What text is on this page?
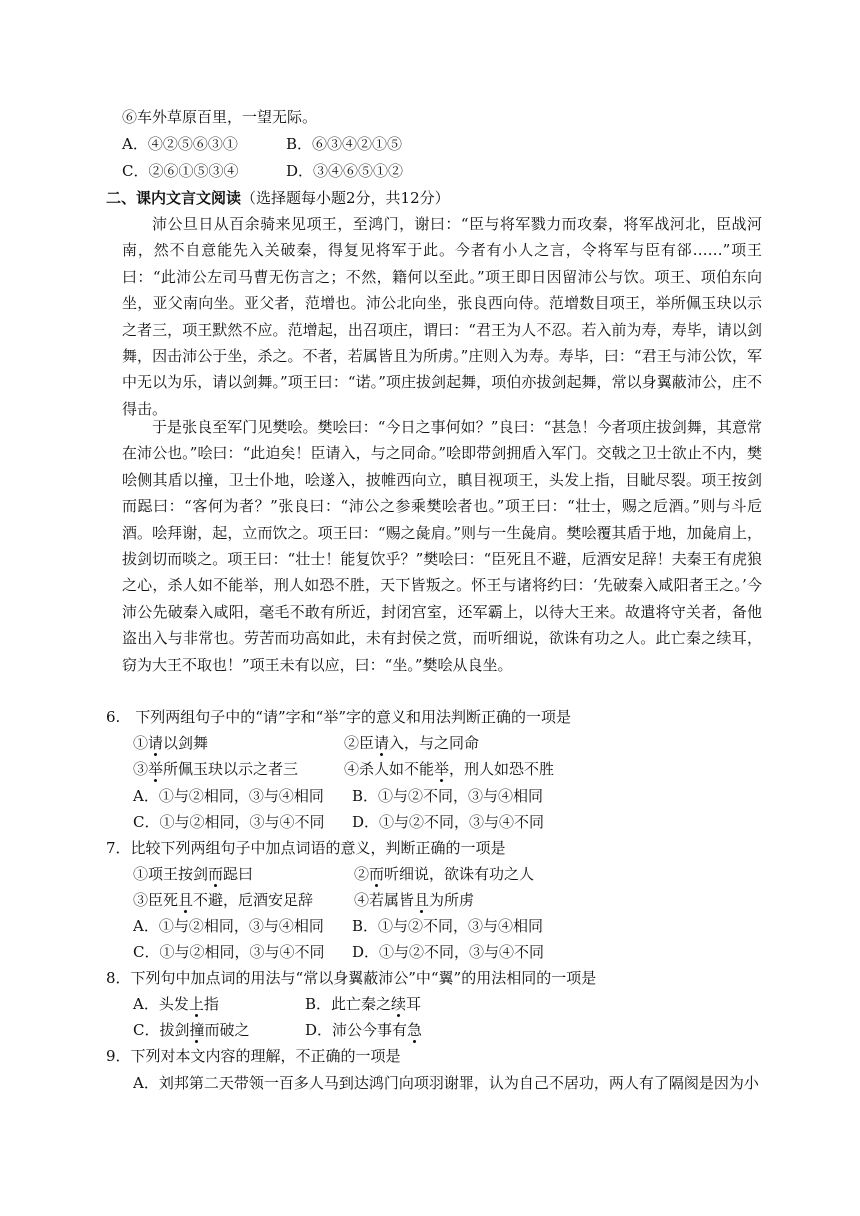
⑥车外草原百里，一望无际。
A．④②⑤⑥③①	B．⑥③④②①⑤
C．②⑥①⑤③④	D．③④⑥⑤①②
二、课内文言文阅读（选择题每小题2分，共12分）

沛公旦日从百余骑来见项王，至鸿门，谢曰：“臣与将军戮力而攻秦，将军战河北，臣战河南，然不自意能先入关破秦，得复见将军于此。今者有小人之言，令将军与臣有郤……”项王曰：“此沛公左司马曹无伤言之；不然，籍何以至此。”项王即日因留沛公与饮。项王、项伯东向坐，亚父南向坐。亚父者，范增也。沛公北向坐，张良西向侍。范增数目项王，举所佩玉玦以示之者三，项王默然不应。范增起，出召项庄，谓曰：“君王为人不忍。若入前为寿，寿毕，请以剑舞，因击沛公于坐，杀之。不者，若属皆且为所虏。”庄则入为寿。寿毕，曰：“君王与沛公饮，军中无以为乐，请以剑舞。”项王曰：“诺。”项庄拔剑起舞，项伯亦拔剑起舞，常以身翼蔽沛公，庄不得击。

于是张良至军门见樊哙。樊哙曰：“今日之事何如？”良曰：“甚急！今者项庄拔剑舞，其意常在沛公也。”哙曰：“此迫矣！臣请入，与之同命。”哙即带剑拥盾入军门。交戟之卫士欲止不内，樊哙侧其盾以撞，卫士仆地，哙遂入，披帷西向立，瞋目视项王，头发上指，目眦尽裂。项王按剑而跽曰：“客何为者？”张良曰：“沛公之参乘樊哙者也。”项王曰：“壮士，赐之卮酒。”则与斗卮酒。哙拜谢，起，立而饮之。项王曰：“赐之彘肩。”则与一生彘肩。樊哙覆其盾于地，加彘肩上，拔剑切而啖之。项王曰：“壮士！能复饮乎？”樊哙曰：“臣死且不避，卮酒安足辞！夫秦王有虎狼之心，杀人如不能举，刑人如恐不胜，天下皆叛之。怀王与诸将约曰：‘先破秦入咸阳者王之。’今沛公先破秦入咸阳，毫毛不敢有所近，封闭宫室，还军霸上，以待大王来。故遣将守关者，备他盗出入与非常也。劳苦而功高如此，未有封侯之赏，而听细说，欲诛有功之人。此亡秦之续耳，窃为大王不取也！”项王未有以应，曰：“坐。”樊哙从良坐。

6.　下列两组句子中的“请”字和“举”字的意义和用法判断正确的一项是
①请以剑舞	②臣请入，与之同命
③举所佩玉玦以示之者三	④杀人如不能举，刑人如恐不胜
A．①与②相同，③与④相同 B．①与②不同，③与④相同
C．①与②相同，③与④不同 D．①与②不同，③与④不同
7．比较下列两组句子中加点词语的意义，判断正确的一项是
①项王按剑而跽曰	②而听细说，欲诛有功之人
③臣死且不避，卮酒安足辞	④若属皆且为所虏
A．①与②相同，③与④相同 B．①与②不同，③与④相同
C．①与②相同，③与④不同 D．①与②不同，③与④不同
8．下列句中加点词的用法与“常以身翼蔽沛公”中“翼”的用法相同的一项是
A．头发上指	B．此亡秦之续耳
C．拔剑撞而破之	D．沛公今事有急
9．下列对本文内容的理解，不正确的一项是
A．刘邦第二天带领一百多人马到达鸿门向项羽谢罪，认为自己不居功，两人有了隔阂是因为小
